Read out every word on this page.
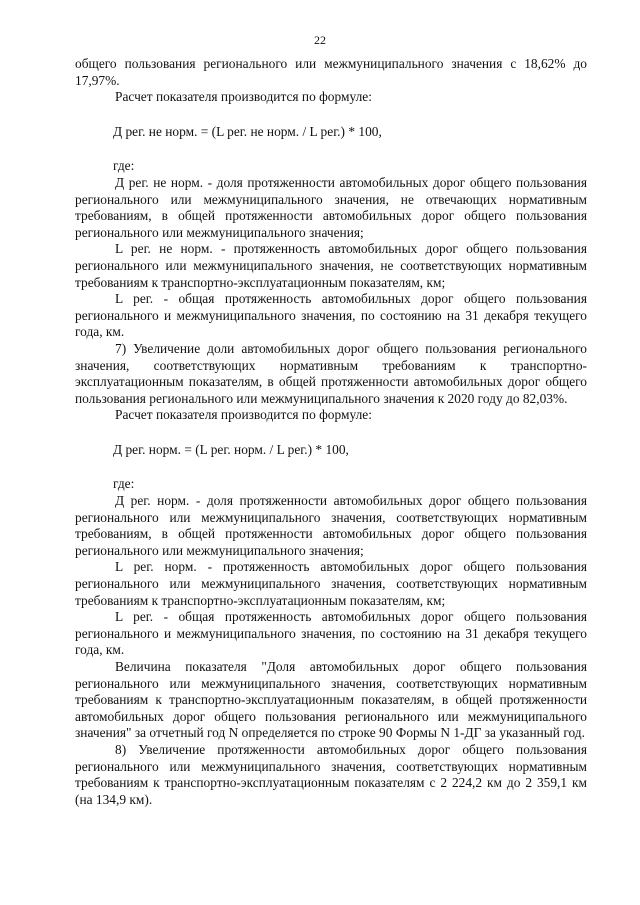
22

общего пользования регионального или межмуниципального значения с 18,62% до 17,97%.

Расчет показателя производится по формуле:

Д рег. не норм. = (L рег. не норм. / L рег.) * 100,

где:

Д рег. не норм. - доля протяженности автомобильных дорог общего пользования регионального или межмуниципального значения, не отвечающих нормативным требованиям, в общей протяженности автомобильных дорог общего пользования регионального или межмуниципального значения;

L рег. не норм. - протяженность автомобильных дорог общего пользования регионального или межмуниципального значения, не соответствующих нормативным требованиям к транспортно-эксплуатационным показателям, км;

L рег. - общая протяженность автомобильных дорог общего пользования регионального и межмуниципального значения, по состоянию на 31 декабря текущего года, км.

7) Увеличение доли автомобильных дорог общего пользования регионального значения, соответствующих нормативным требованиям к транспортно-эксплуатационным показателям, в общей протяженности автомобильных дорог общего пользования регионального или межмуниципального значения к 2020 году до 82,03%.

Расчет показателя производится по формуле:

Д рег. норм. = (L рег. норм. / L рег.) * 100,

где:

Д рег. норм. - доля протяженности автомобильных дорог общего пользования регионального или межмуниципального значения, соответствующих нормативным требованиям, в общей протяженности автомобильных дорог общего пользования регионального или межмуниципального значения;

L рег. норм. - протяженность автомобильных дорог общего пользования регионального или межмуниципального значения, соответствующих нормативным требованиям к транспортно-эксплуатационным показателям, км;

L рег. - общая протяженность автомобильных дорог общего пользования регионального и межмуниципального значения, по состоянию на 31 декабря текущего года, км.

Величина показателя "Доля автомобильных дорог общего пользования регионального или межмуниципального значения, соответствующих нормативным требованиям к транспортно-эксплуатационным показателям, в общей протяженности автомобильных дорог общего пользования регионального или межмуниципального значения" за отчетный год N определяется по строке 90 Формы N 1-ДГ за указанный год.

8) Увеличение протяженности автомобильных дорог общего пользования регионального или межмуниципального значения, соответствующих нормативным требованиям к транспортно-эксплуатационным показателям с 2 224,2 км до 2 359,1 км (на 134,9 км).
